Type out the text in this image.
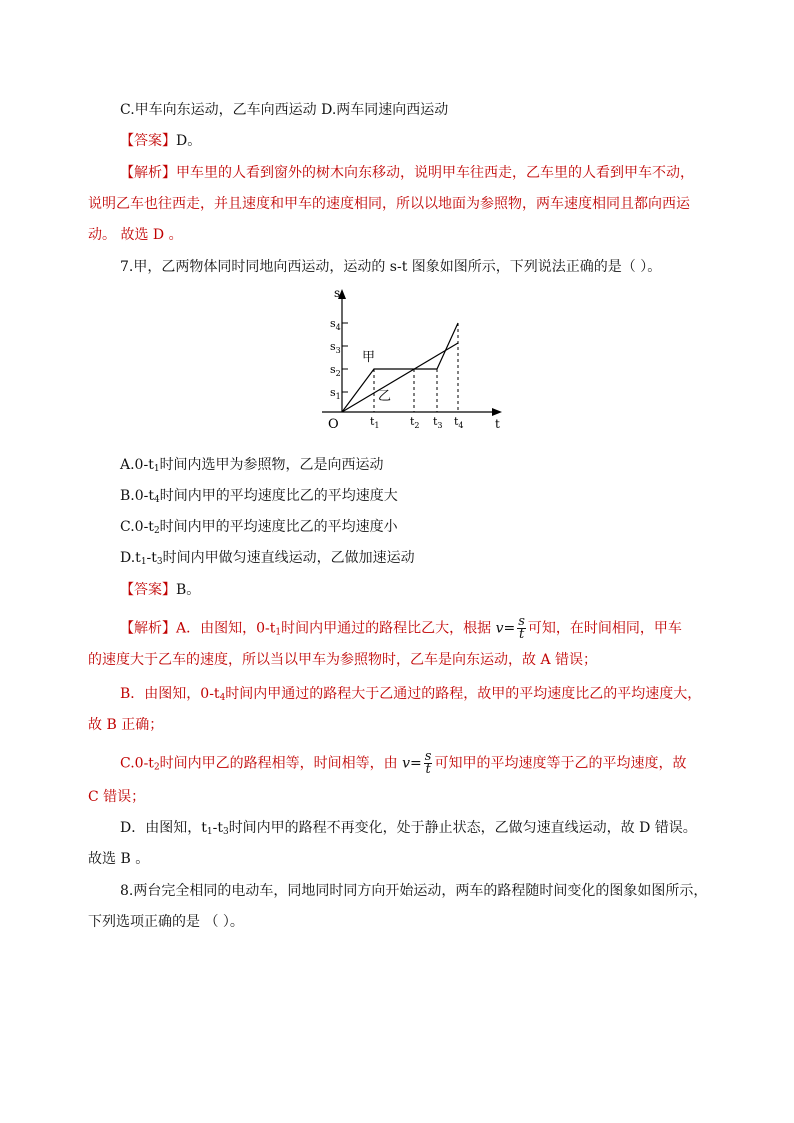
C.甲车向东运动，乙车向西运动 D.两车同速向西运动
【答案】D。
【解析】甲车里的人看到窗外的树木向东移动，说明甲车往西走，乙车里的人看到甲车不动，
说明乙车也往西走，并且速度和甲车的速度相同，所以以地面为参照物，两车速度相同且都向西运
动。 故选 D 。
7.甲，乙两物体同时同地向西运动，运动的 s-t 图象如图所示，下列说法正确的是（ ）。
s
t
O
$s_4$
$s_3$
$s_2$
$s_1$
$t_1$	$t_2$ $t_3$ $t_4$
甲
乙
$A.0-t_1$时间内选甲为参照物，乙是向西运动
$B.0-t_4$时间内甲的平均速度比乙的平均速度大
$C.0-t_2$时间内甲的平均速度比乙的平均速度小
$D.t_1-t_3$时间内甲做匀速直线运动，乙做加速运动
【答案】B。
【解析】A．由图知，$0-t_1$时间内甲通过的路程比乙大，根据 $v= \frac{s}{t}$ 可知，在时间相同，甲车
的速度大于乙车的速度，所以当以甲车为参照物时，乙车是向东运动，故 A 错误；
B．由图知，$0-t_4$时间内甲通过的路程大于乙通过的路程，故甲的平均速度比乙的平均速度大，
故 B 正确；
$C.0-t_2$时间内甲乙的路程相等，时间相等，由 $v= \frac{s}{t}$ 可知甲的平均速度等于乙的平均速度，故
C 错误；
D．由图知，$t_1-t_3$时间内甲的路程不再变化，处于静止状态，乙做匀速直线运动，故 D 错误。
故选 B 。
8.两台完全相同的电动车，同地同时同方向开始运动，两车的路程随时间变化的图象如图所示，
下列选项正确的是 （ ）。
